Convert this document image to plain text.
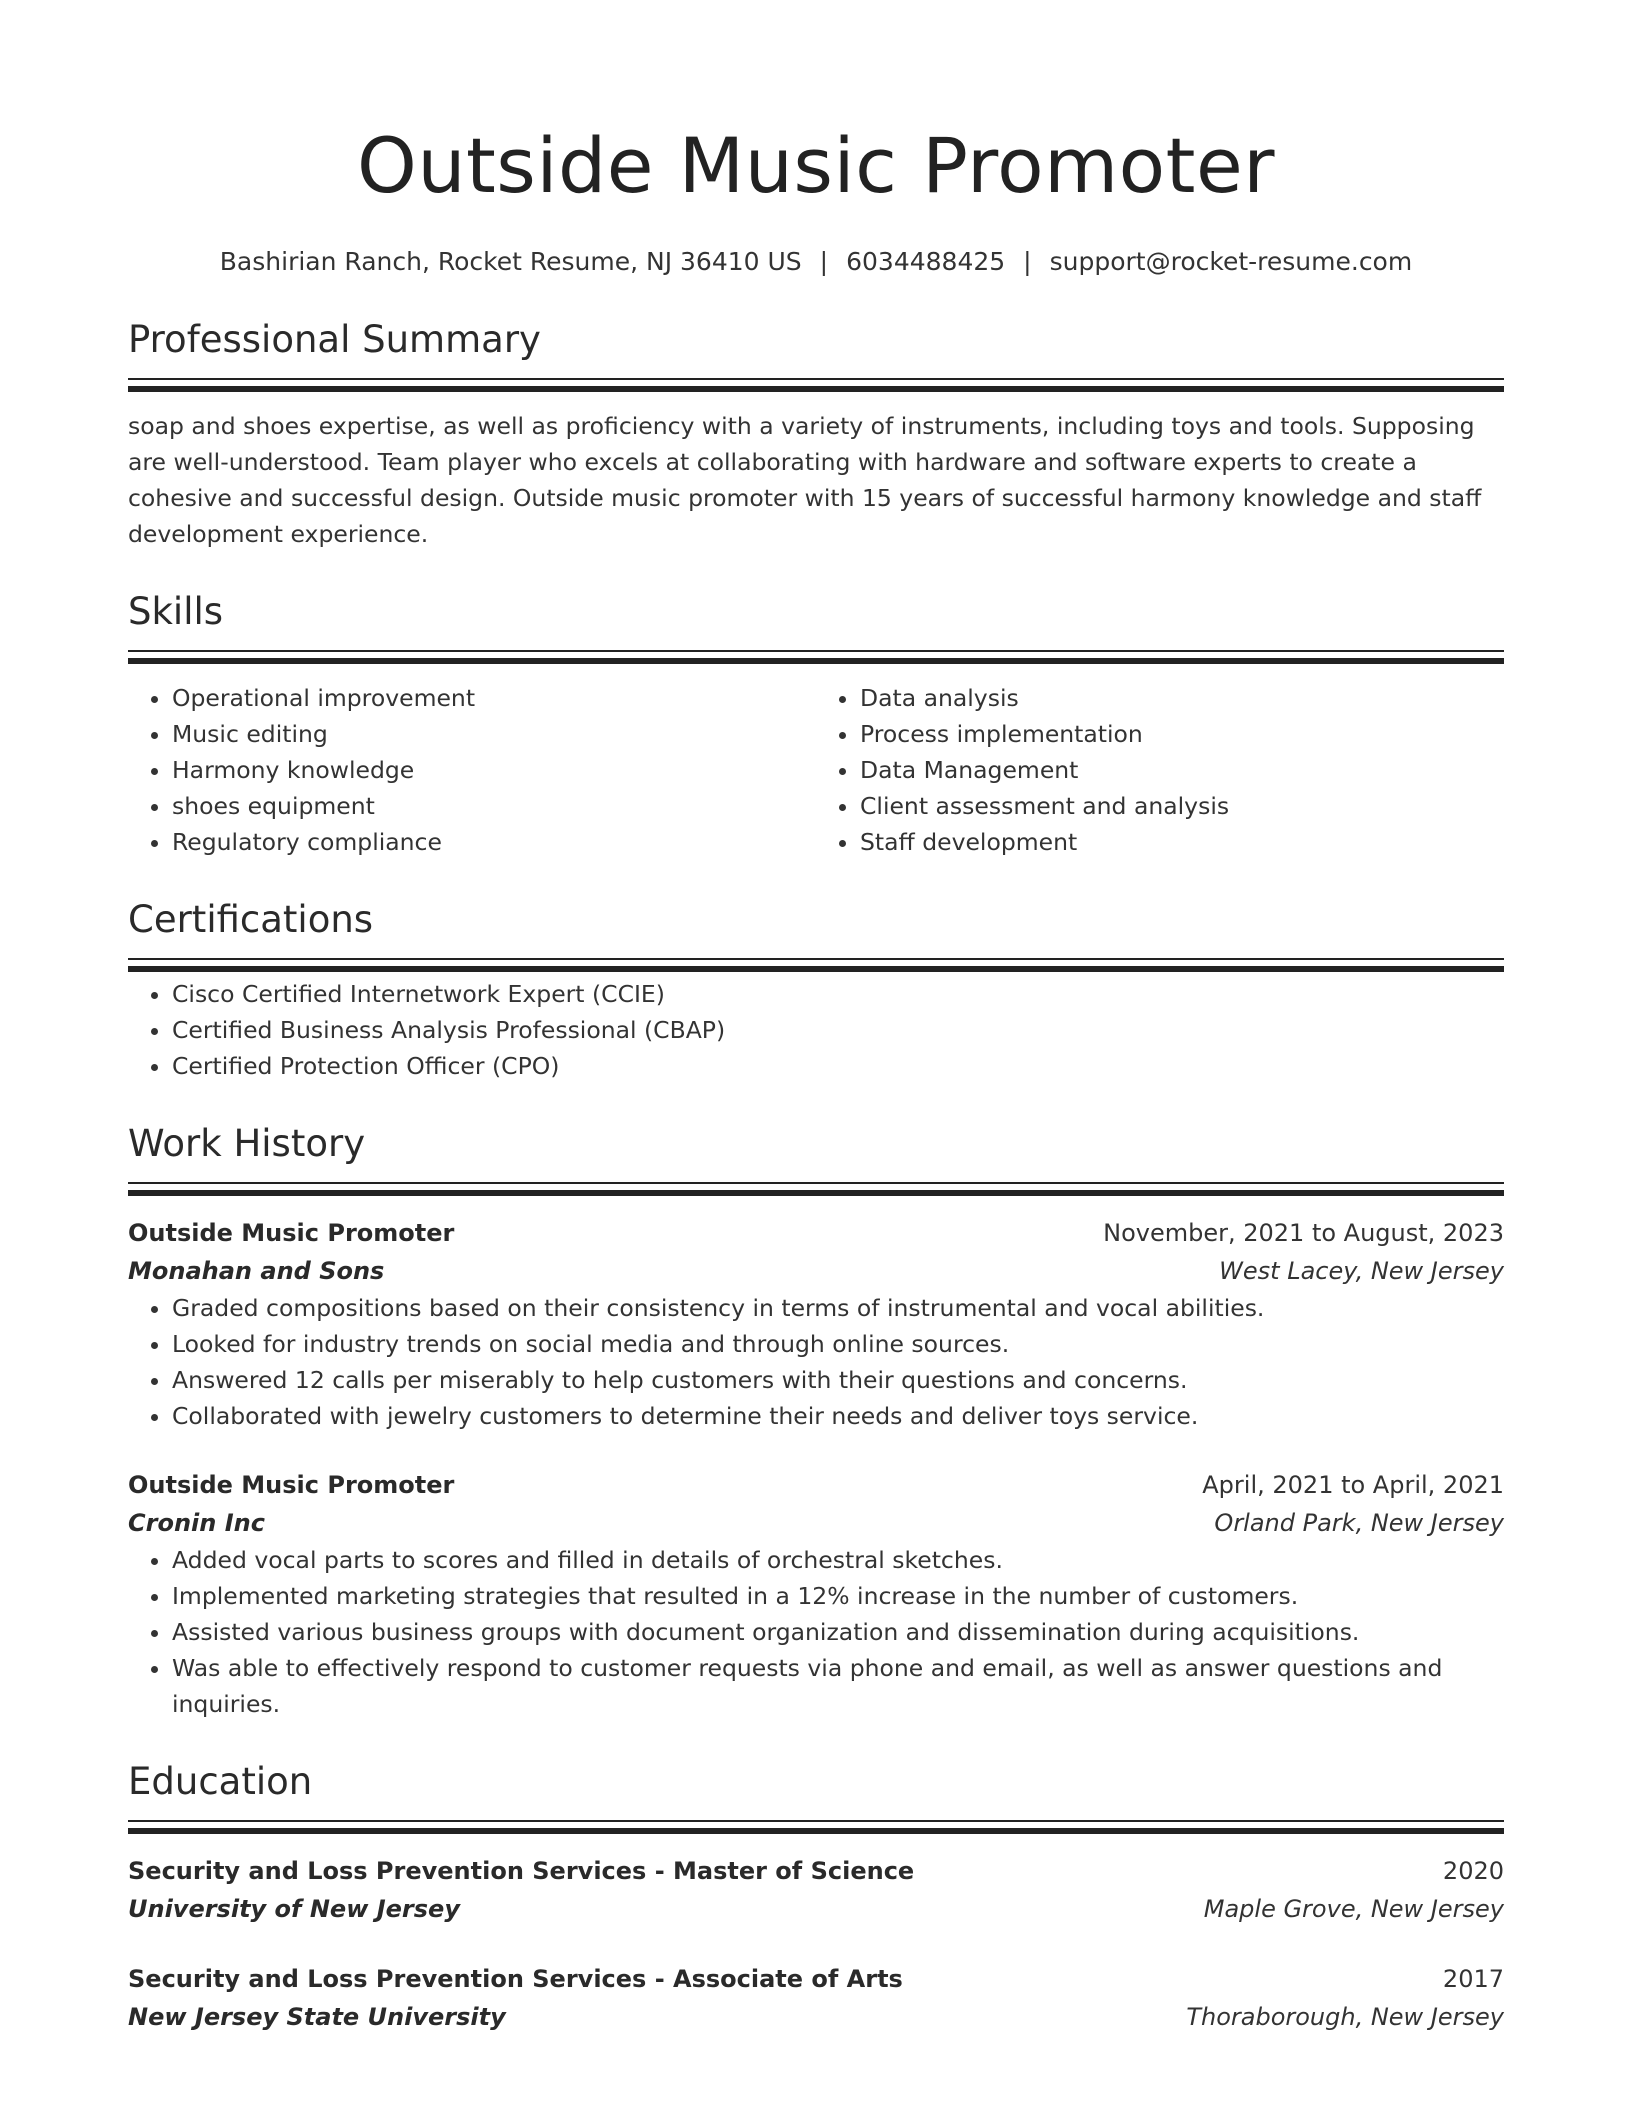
Outside Music Promoter
Bashirian Ranch, Rocket Resume, NJ 36410 US | 6034488425 | support@rocket-resume.com
Professional Summary

soap and shoes expertise, as well as proficiency with a variety of instruments, including toys and tools. Supposing are well-understood. Team player who excels at collaborating with hardware and software experts to create a cohesive and successful design. Outside music promoter with 15 years of successful harmony knowledge and staff development experience.

Skills
• Operational improvement
• Music editing
• Harmony knowledge
• shoes equipment
• Regulatory compliance
• Data analysis
• Process implementation
• Data Management
• Client assessment and analysis
• Staff development
Certifications
• Cisco Certified Internetwork Expert (CCIE)
• Certified Business Analysis Professional (CBAP)
• Certified Protection Officer (CPO)
Work History
Outside Music Promoter	November, 2021 to August, 2023
Monahan and Sons	West Lacey, New Jersey
• Graded compositions based on their consistency in terms of instrumental and vocal abilities.
• Looked for industry trends on social media and through online sources.
• Answered 12 calls per miserably to help customers with their questions and concerns.
• Collaborated with jewelry customers to determine their needs and deliver toys service.
Outside Music Promoter	April, 2021 to April, 2021
Cronin Inc	Orland Park, New Jersey
• Added vocal parts to scores and filled in details of orchestral sketches.
• Implemented marketing strategies that resulted in a 12% increase in the number of customers.
• Assisted various business groups with document organization and dissemination during acquisitions.
• Was able to effectively respond to customer requests via phone and email, as well as answer questions and inquiries.
Education
Security and Loss Prevention Services - Master of Science	2020
University of New Jersey	Maple Grove, New Jersey
Security and Loss Prevention Services - Associate of Arts	2017
New Jersey State University	Thoraborough, New Jersey
